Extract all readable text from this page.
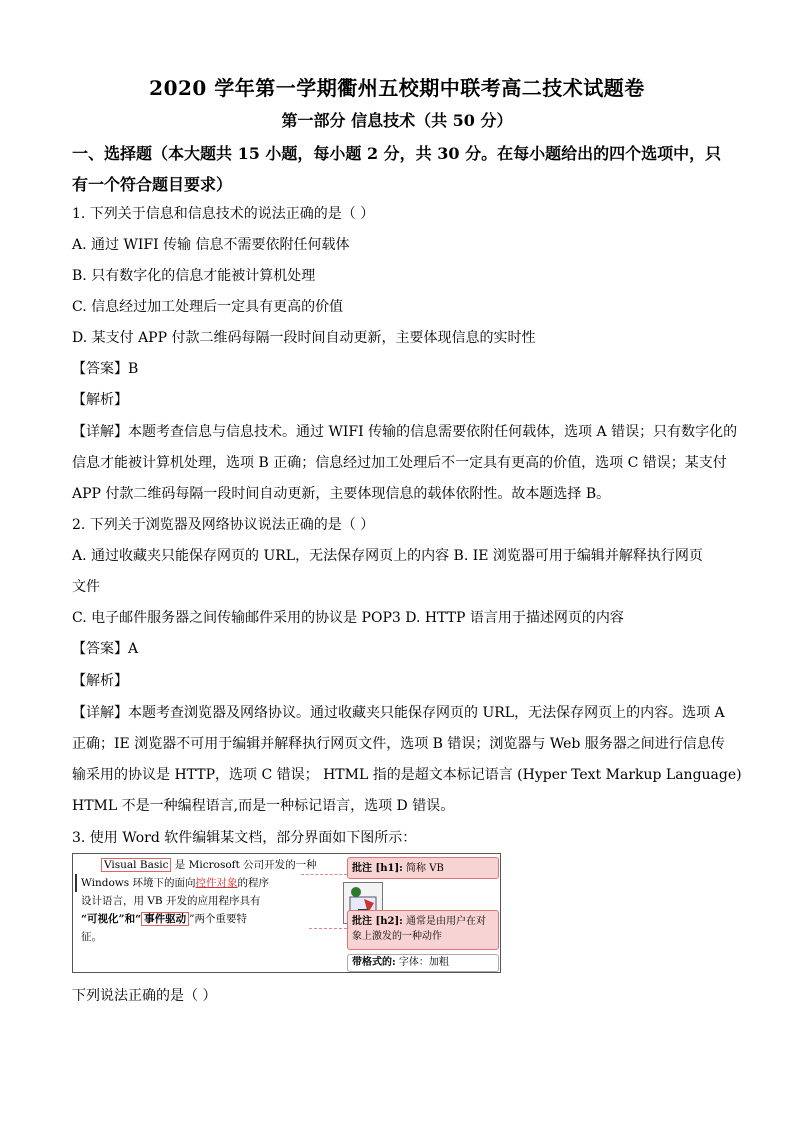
2020 学年第一学期衢州五校期中联考高二技术试题卷
第一部分 信息技术（共 50 分）
一、选择题（本大题共 15 小题，每小题 2 分，共 30 分。在每小题给出的四个选项中，只有一个符合题目要求）
1. 下列关于信息和信息技术的说法正确的是（ ）
A. 通过 WIFI 传输 信息不需要依附任何载体
B. 只有数字化的信息才能被计算机处理
C. 信息经过加工处理后一定具有更高的价值
D. 某支付 APP 付款二维码每隔一段时间自动更新，主要体现信息的实时性
【答案】B
【解析】
【详解】本题考查信息与信息技术。通过 WIFI 传输的信息需要依附任何载体，选项 A 错误；只有数字化的
信息才能被计算机处理，选项 B 正确；信息经过加工处理后不一定具有更高的价值，选项 C 错误；某支付
APP 付款二维码每隔一段时间自动更新，主要体现信息的载体依附性。故本题选择 B。
2. 下列关于浏览器及网络协议说法正确的是（ ）
A. 通过收藏夹只能保存网页的 URL，无法保存网页上的内容 B. IE 浏览器可用于编辑并解释执行网页
文件
C. 电子邮件服务器之间传输邮件采用的协议是 POP3 D. HTTP 语言用于描述网页的内容
【答案】A
【解析】
【详解】本题考查浏览器及网络协议。通过收藏夹只能保存网页的 URL，无法保存网页上的内容。选项 A
正确；IE 浏览器不可用于编辑并解释执行网页文件，选项 B 错误；浏览器与 Web 服务器之间进行信息传
输采用的协议是 HTTP，选项 C 错误； HTML 指的是超文本标记语言 (Hyper Text Markup Language)
HTML 不是一种编程语言,而是一种标记语言，选项 D 错误。
3. 使用 Word 软件编辑某文档，部分界面如下图所示：
Visual Basic 是 Microsoft 公司开发的一种
Windows 环境下的面向控件对象的程序
设计语言，用 VB 开发的应用程序具有
“可视化”和“ 事件驱动 ”两个重要特
征。
批注 [h1]: 简称 VB
批注 [h2]: 通常是由用户在对象上激发的一种动作
带格式的: 字体：加粗
下列说法正确的是（ ）
